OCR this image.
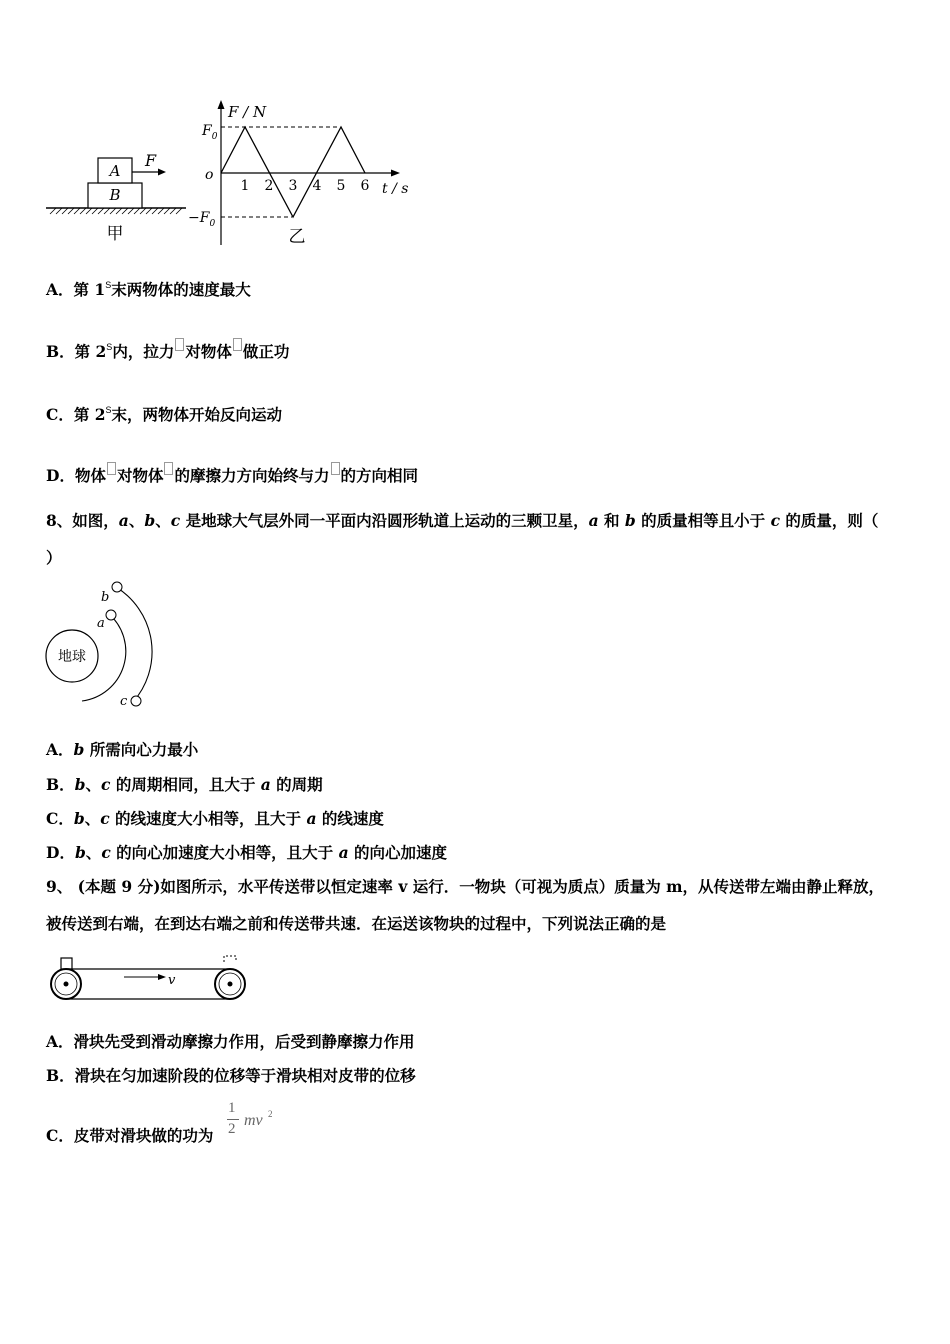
B
A
F
甲
F / N
$F_0$
$-F_0$
o
1 2 3 4 5 6 t / s
乙
A．第 $1^S$末两物体的速度最大
B．第 $2^S$内，拉力 对物体 做正功
C．第 $2^S$末，两物体开始反向运动
D．物体 对物体 的摩擦力方向始终与力 的方向相同
8、如图，a、b、c 是地球大气层外同一平面内沿圆形轨道上运动的三颗卫星，a 和 b 的质量相等且小于 c 的质量，则（
）
地球
a
b
c
A．b 所需向心力最小
B．b、c 的周期相同，且大于 a 的周期
C．b、c 的线速度大小相等，且大于 a 的线速度
D．b、c 的向心加速度大小相等，且大于 a 的向心加速度
9、 (本题 9 分)如图所示，水平传送带以恒定速率 v 运行．一物块（可视为质点）质量为 m，从传送带左端由静止释放，
被传送到右端，在到达右端之前和传送带共速．在运送该物块的过程中，下列说法正确的是
v
A．滑块先受到滑动摩擦力作用，后受到静摩擦力作用
B．滑块在匀加速阶段的位移等于滑块相对皮带的位移
C．皮带对滑块做的功为
1
2 mv 2
